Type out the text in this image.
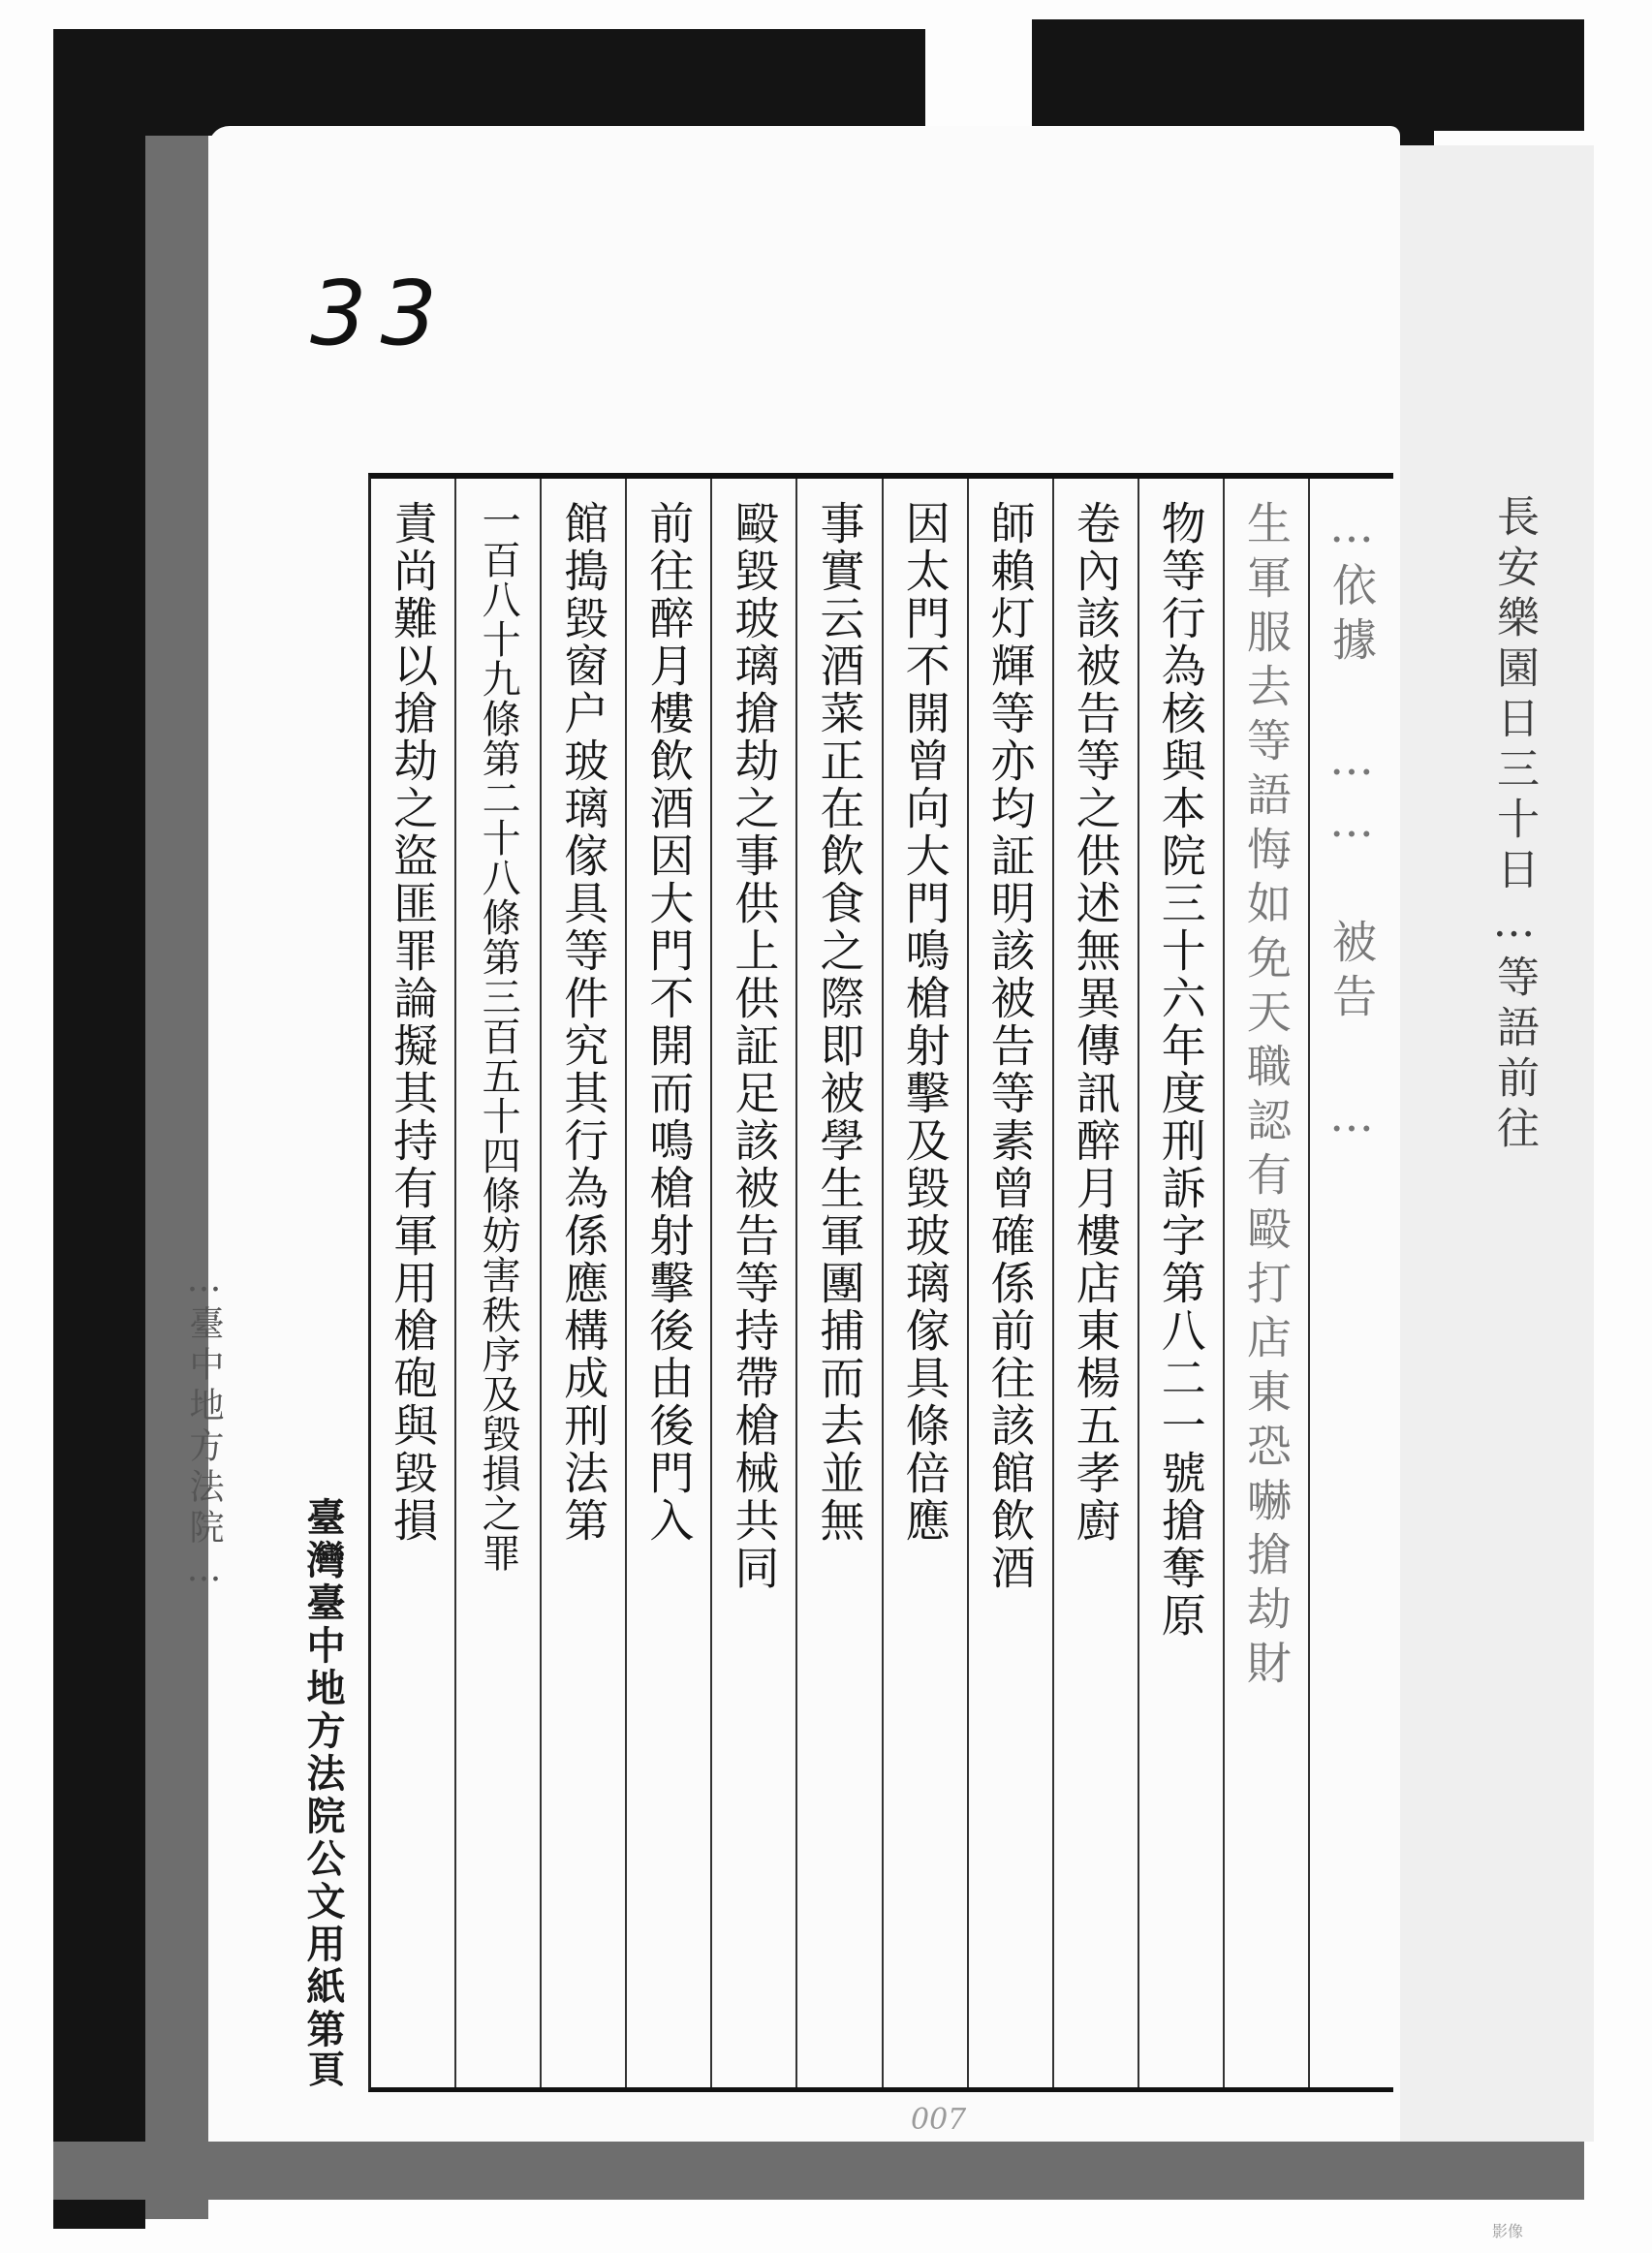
33
…依據 …… 被告 …
生軍服去等語悔如免天職認有毆打店東恐嚇搶劫財
物等行為核與本院三十六年度刑訴字第八二一號搶奪原
卷內該被告等之供述無異傳訊醉月樓店東楊五孝廚
師賴灯輝等亦均証明該被告等素曾確係前往該館飲酒
因太門不開曾向大門鳴槍射擊及毀玻璃傢具條倍應
事實云酒菜正在飲食之際即被學生軍團捕而去並無
毆毀玻璃搶劫之事供上供証足該被告等持帶槍械共同
前往醉月樓飲酒因大門不開而鳴槍射擊後由後門入
館搗毀窗户玻璃傢具等件究其行為係應構成刑法第
一百八十九條第二十八條第三百五十四條妨害秩序及毀損之罪
責尚難以搶劫之盜匪罪論擬其持有軍用槍砲與毀損
臺灣臺中地方法院公文用紙第
頁
007
…臺中地方法院…
長安樂園日三十日…等語前往
影像
